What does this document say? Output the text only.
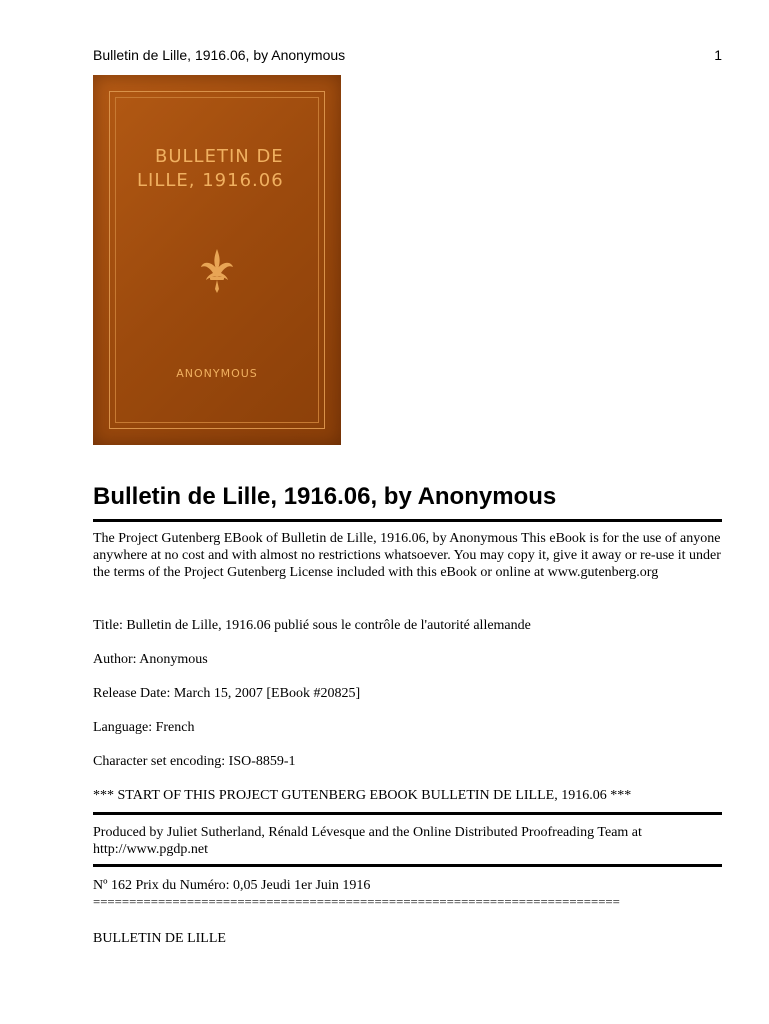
Bulletin de Lille, 1916.06, by Anonymous	1
BULLETIN DE
LILLE, 1916.06
ANONYMOUS
Bulletin de Lille, 1916.06, by Anonymous

The Project Gutenberg EBook of Bulletin de Lille, 1916.06, by Anonymous This eBook is for the use of anyone anywhere at no cost and with almost no restrictions whatsoever. You may copy it, give it away or re-use it under the terms of the Project Gutenberg License included with this eBook or online at www.gutenberg.org

Title: Bulletin de Lille, 1916.06 publié sous le contrôle de l'autorité allemande

Author: Anonymous

Release Date: March 15, 2007 [EBook #20825]

Language: French

Character set encoding: ISO-8859-1

*** START OF THIS PROJECT GUTENBERG EBOOK BULLETIN DE LILLE, 1916.06 ***

Produced by Juliet Sutherland, Rénald Lévesque and the Online Distributed Proofreading Team at http://www.pgdp.net

Nº 162 Prix du Numéro: 0,05 Jeudi 1er Juin 1916

=========================================================================

BULLETIN DE LILLE
